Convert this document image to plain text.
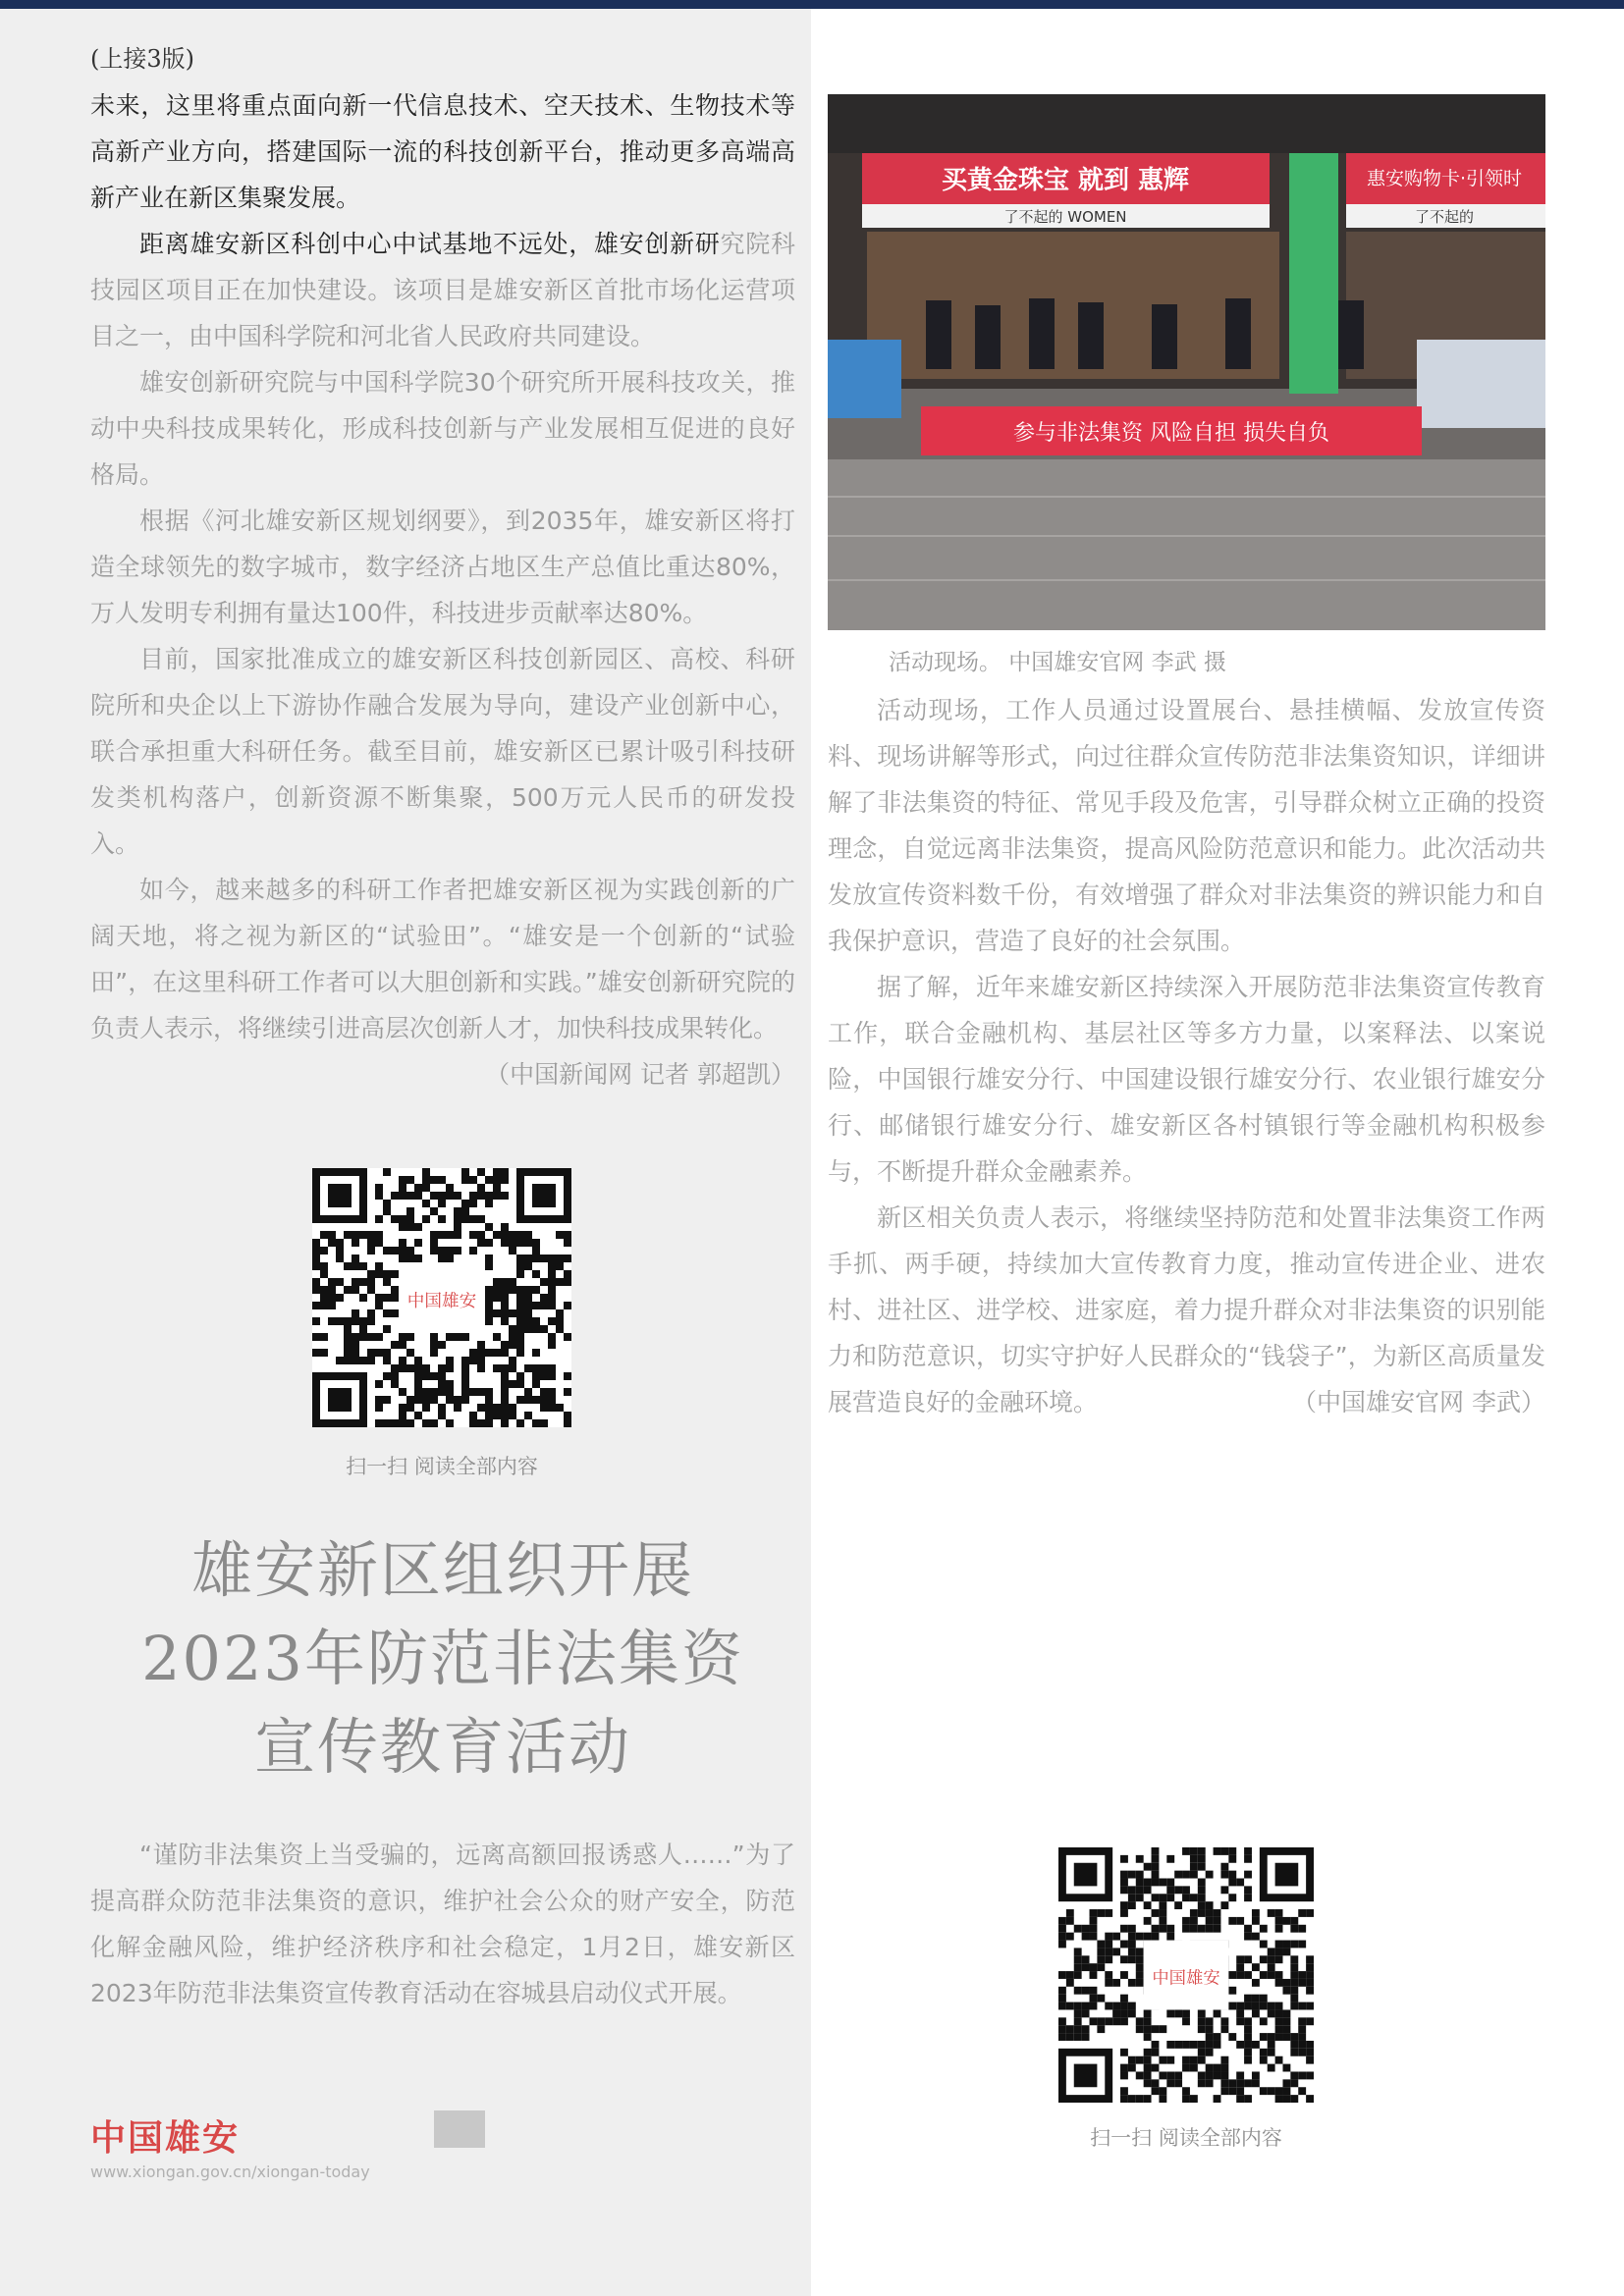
(上接3版)

未来，这里将重点面向新一代信息技术、空天技术、生物技术等高新产业方向，搭建国际一流的科技创新平台，推动更多高端高新产业在新区集聚发展。

距离雄安新区科创中心中试基地不远处，雄安创新研究院科技园区项目正在加快建设。该项目是雄安新区首批市场化运营项目之一，由中国科学院和河北省人民政府共同建设。

雄安创新研究院与中国科学院30个研究所开展科技攻关，推动中央科技成果转化，形成科技创新与产业发展相互促进的良好格局。

根据《河北雄安新区规划纲要》，到2035年，雄安新区将打造全球领先的数字城市，数字经济占地区生产总值比重达80%，万人发明专利拥有量达100件，科技进步贡献率达80%。

目前，国家批准成立的雄安新区科技创新园区、高校、科研院所和央企以上下游协作融合发展为导向，建设产业创新中心，联合承担重大科研任务。截至目前，雄安新区已累计吸引科技研发类机构落户，创新资源不断集聚，500万元人民币的研发投入。

如今，越来越多的科研工作者把雄安新区视为实践创新的广阔天地，将之视为新区的“试验田”。“雄安是一个创新的“试验田”，在这里科研工作者可以大胆创新和实践。”雄安创新研究院的负责人表示，将继续引进高层次创新人才，加快科技成果转化。
（中国新闻网 记者 郭超凯）

中国雄安
扫一扫 阅读全部内容
雄安新区组织开展
2023年防范非法集资
宣传教育活动

“谨防非法集资上当受骗的，远离高额回报诱惑人……”为了提高群众防范非法集资的意识，维护社会公众的财产安全，防范化解金融风险，维护经济秩序和社会稳定，1月2日，雄安新区2023年防范非法集资宣传教育活动在容城县启动仪式开展。

中国雄安
www.xiongan.gov.cn/xiongan-today
买黄金珠宝 就到 惠辉
了不起的 WOMEN
惠安购物卡·引领时
了不起的
参与非法集资 风险自担 损失自负
活动现场。 中国雄安官网 李武 摄

活动现场，工作人员通过设置展台、悬挂横幅、发放宣传资料、现场讲解等形式，向过往群众宣传防范非法集资知识，详细讲解了非法集资的特征、常见手段及危害，引导群众树立正确的投资理念，自觉远离非法集资，提高风险防范意识和能力。此次活动共发放宣传资料数千份，有效增强了群众对非法集资的辨识能力和自我保护意识，营造了良好的社会氛围。

据了解，近年来雄安新区持续深入开展防范非法集资宣传教育工作，联合金融机构、基层社区等多方力量，以案释法、以案说险，中国银行雄安分行、中国建设银行雄安分行、农业银行雄安分行、邮储银行雄安分行、雄安新区各村镇银行等金融机构积极参与，不断提升群众金融素养。

新区相关负责人表示，将继续坚持防范和处置非法集资工作两手抓、两手硬，持续加大宣传教育力度，推动宣传进企业、进农村、进社区、进学校、进家庭，着力提升群众对非法集资的识别能力和防范意识，切实守护好人民群众的“钱袋子”，为新区高质量发展营造良好的金融环境。	（中国雄安官网 李武）

中国雄安
扫一扫 阅读全部内容
